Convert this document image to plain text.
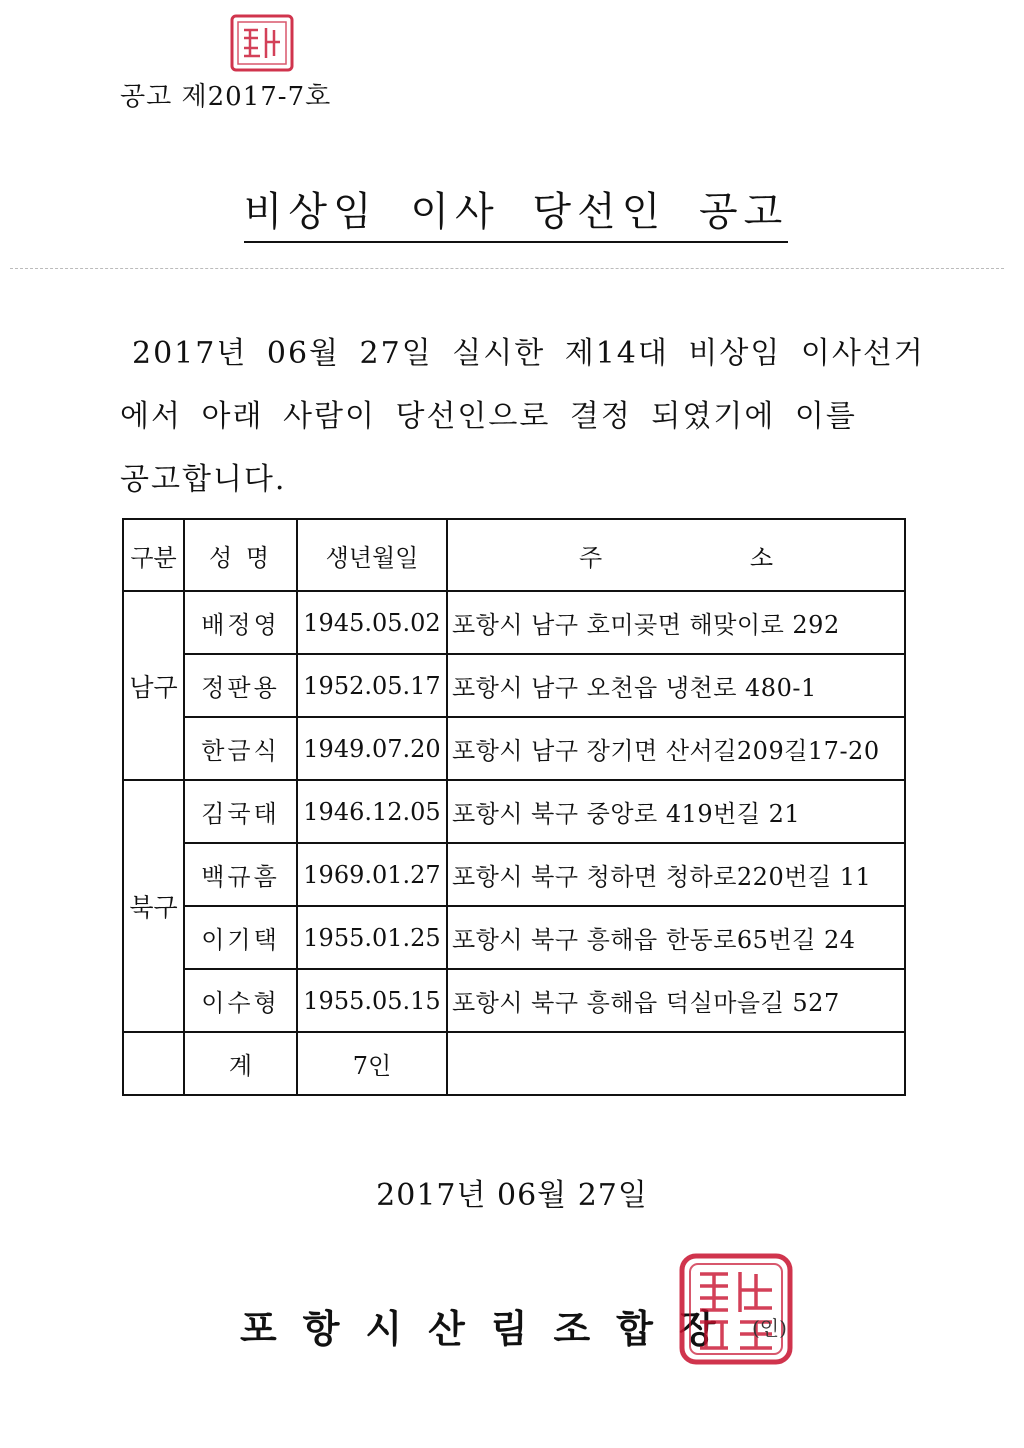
공고 제2017-7호
비상임 이사 당선인 공고
2017년 06월 27일 실시한 제14대 비상임 이사선거
에서 아래 사람이 당선인으로 결정 되였기에 이를
공고합니다.
구분	성 명	생년월일	주 소
남구	배정영	1945.05.02	포항시 남구 호미곶면 해맞이로 292
	정판용	1952.05.17	포항시 남구 오천읍 냉천로 480-1
	한금식	1949.07.20	포항시 남구 장기면 산서길209길17-20
북구	김국태	1946.12.05	포항시 북구 중앙로 419번길 21
	백규흠	1969.01.27	포항시 북구 청하면 청하로220번길 11
	이기택	1955.01.25	포항시 북구 흥해읍 한동로65번길 24
	이수형	1955.05.15	포항시 북구 흥해읍 덕실마을길 527
	계	7인	
2017년 06월 27일
포항시산림조합장 (인)
